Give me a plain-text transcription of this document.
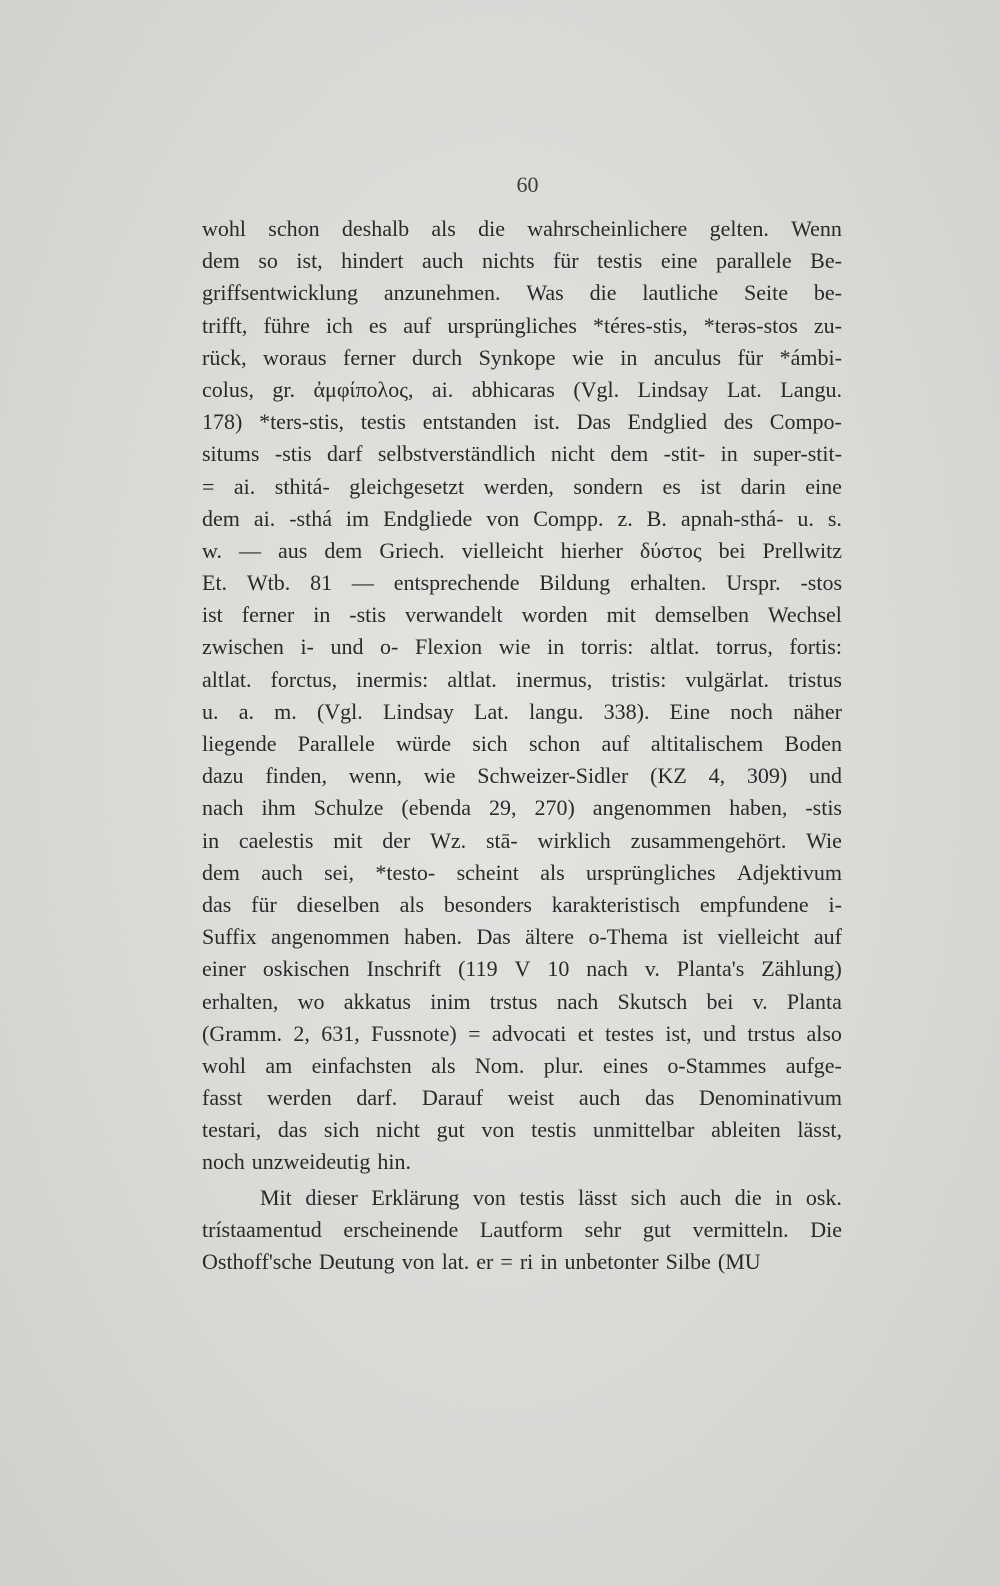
60
wohl schon deshalb als die wahrscheinlichere gelten. Wenn
dem so ist, hindert auch nichts für testis eine parallele Be-
griffsentwicklung anzunehmen. Was die lautliche Seite be-
trifft, führe ich es auf ursprüngliches *téres-stis, *terǝs-stos zu-
rück, woraus ferner durch Synkope wie in anculus für *ámbi-
colus, gr. ἀμφίπολος, ai. abhicaras (Vgl. Lindsay Lat. Langu.
178) *ters-stis, testis entstanden ist. Das Endglied des Compo-
situms -stis darf selbstverständlich nicht dem -stit- in super-stit-
= ai. sthitá- gleichgesetzt werden, sondern es ist darin eine
dem ai. -sthá im Endgliede von Compp. z. B. apnah-sthá- u. s.
w. — aus dem Griech. vielleicht hierher δύστος bei Prellwitz
Et. Wtb. 81 — entsprechende Bildung erhalten. Urspr. -stos
ist ferner in -stis verwandelt worden mit demselben Wechsel
zwischen i- und o- Flexion wie in torris: altlat. torrus, fortis:
altlat. forctus, inermis: altlat. inermus, tristis: vulgärlat. tristus
u. a. m. (Vgl. Lindsay Lat. langu. 338). Eine noch näher
liegende Parallele würde sich schon auf altitalischem Boden
dazu finden, wenn, wie Schweizer-Sidler (KZ 4, 309) und
nach ihm Schulze (ebenda 29, 270) angenommen haben, -stis
in caelestis mit der Wz. stā- wirklich zusammengehört. Wie
dem auch sei, *testo- scheint als ursprüngliches Adjektivum
das für dieselben als besonders karakteristisch empfundene i-
Suffix angenommen haben. Das ältere o-Thema ist vielleicht auf
einer oskischen Inschrift (119 V 10 nach v. Planta's Zählung)
erhalten, wo akkatus inim trstus nach Skutsch bei v. Planta
(Gramm. 2, 631, Fussnote) = advocati et testes ist, und trstus also
wohl am einfachsten als Nom. plur. eines o-Stammes aufge-
fasst werden darf. Darauf weist auch das Denominativum
testari, das sich nicht gut von testis unmittelbar ableiten lässt,
noch unzweideutig hin.
Mit dieser Erklärung von testis lässt sich auch die in osk.
trístaamentud erscheinende Lautform sehr gut vermitteln. Die
Osthoff'sche Deutung von lat. er = ri in unbetonter Silbe (MU
